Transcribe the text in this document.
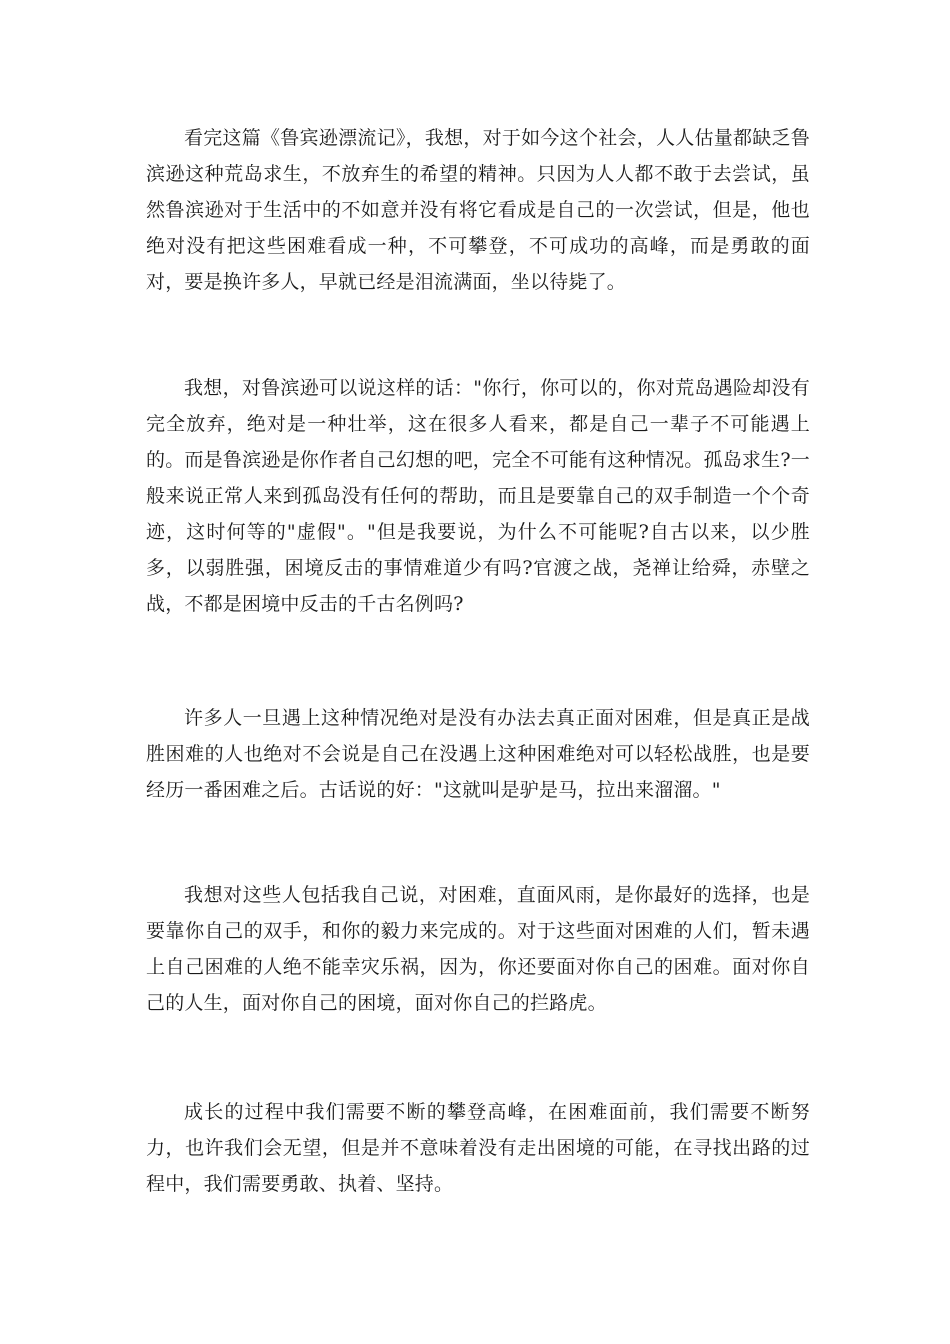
看完这篇《鲁宾逊漂流记》，我想，对于如今这个社会，人人估量都缺乏鲁滨逊这种荒岛求生，不放弃生的希望的精神。只因为人人都不敢于去尝试，虽然鲁滨逊对于生活中的不如意并没有将它看成是自己的一次尝试，但是，他也绝对没有把这些困难看成一种，不可攀登，不可成功的高峰，而是勇敢的面对，要是换许多人，早就已经是泪流满面，坐以待毙了。

我想，对鲁滨逊可以说这样的话："你行，你可以的，你对荒岛遇险却没有完全放弃，绝对是一种壮举，这在很多人看来，都是自己一辈子不可能遇上的。而是鲁滨逊是你作者自己幻想的吧，完全不可能有这种情况。孤岛求生?一般来说正常人来到孤岛没有任何的帮助，而且是要靠自己的双手制造一个个奇迹，这时何等的"虚假"。"但是我要说，为什么不可能呢?自古以来，以少胜多，以弱胜强，困境反击的事情难道少有吗?官渡之战，尧禅让给舜，赤壁之战，不都是困境中反击的千古名例吗?

许多人一旦遇上这种情况绝对是没有办法去真正面对困难，但是真正是战胜困难的人也绝对不会说是自己在没遇上这种困难绝对可以轻松战胜，也是要经历一番困难之后。古话说的好："这就叫是驴是马，拉出来溜溜。"

我想对这些人包括我自己说，对困难，直面风雨，是你最好的选择，也是要靠你自己的双手，和你的毅力来完成的。对于这些面对困难的人们，暂未遇上自己困难的人绝不能幸灾乐祸，因为，你还要面对你自己的困难。面对你自己的人生，面对你自己的困境，面对你自己的拦路虎。

成长的过程中我们需要不断的攀登高峰，在困难面前，我们需要不断努力，也许我们会无望，但是并不意味着没有走出困境的可能，在寻找出路的过程中，我们需要勇敢、执着、坚持。
